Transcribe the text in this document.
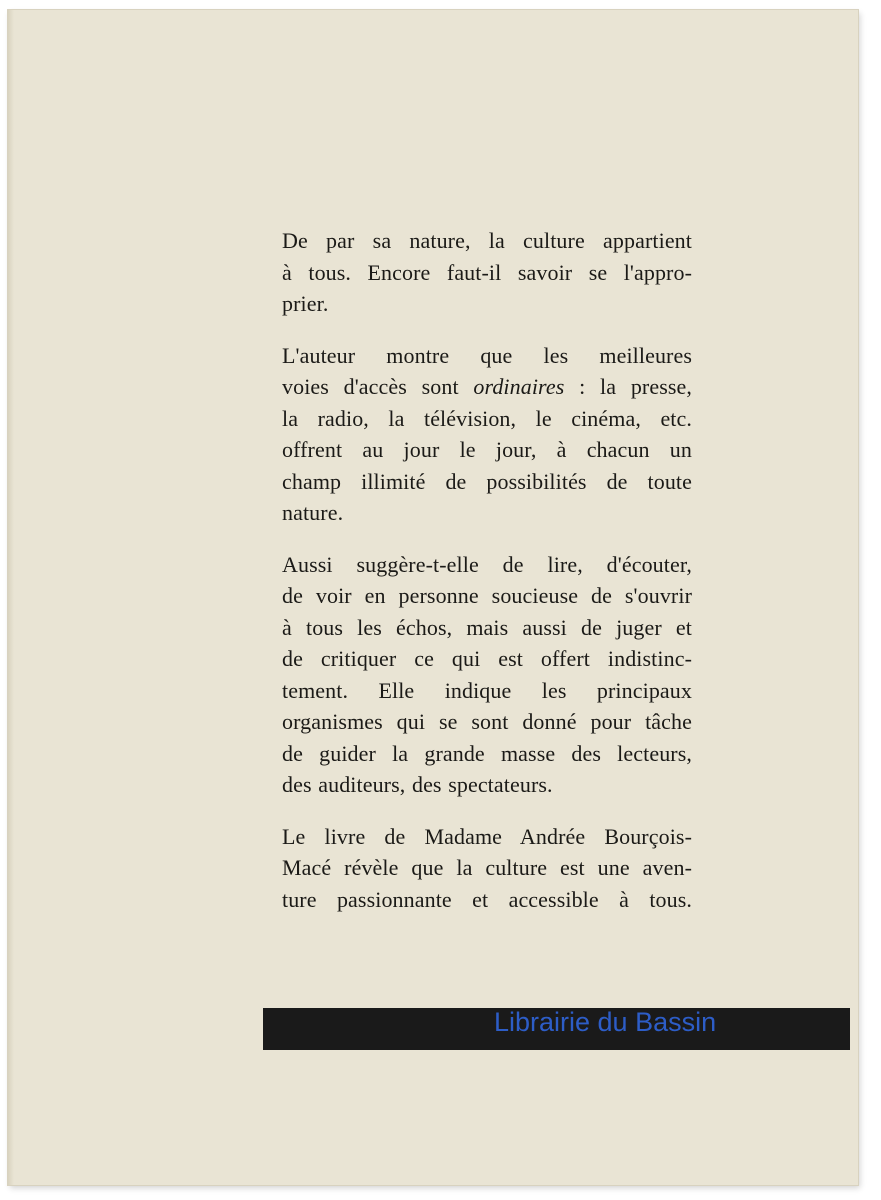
De par sa nature, la culture appartient
à tous. Encore faut-il savoir se l'appro-
prier.

L'auteur montre que les meilleures
voies d'accès sont ordinaires : la presse,
la radio, la télévision, le cinéma, etc.
offrent au jour le jour, à chacun un
champ illimité de possibilités de toute
nature.

Aussi suggère-t-elle de lire, d'écouter,
de voir en personne soucieuse de s'ouvrir
à tous les échos, mais aussi de juger et
de critiquer ce qui est offert indistinc-
tement. Elle indique les principaux
organismes qui se sont donné pour tâche
de guider la grande masse des lecteurs,
des auditeurs, des spectateurs.

Le livre de Madame Andrée Bourçois-
Macé révèle que la culture est une aven-
ture passionnante et accessible à tous.

Librairie du Bassin
